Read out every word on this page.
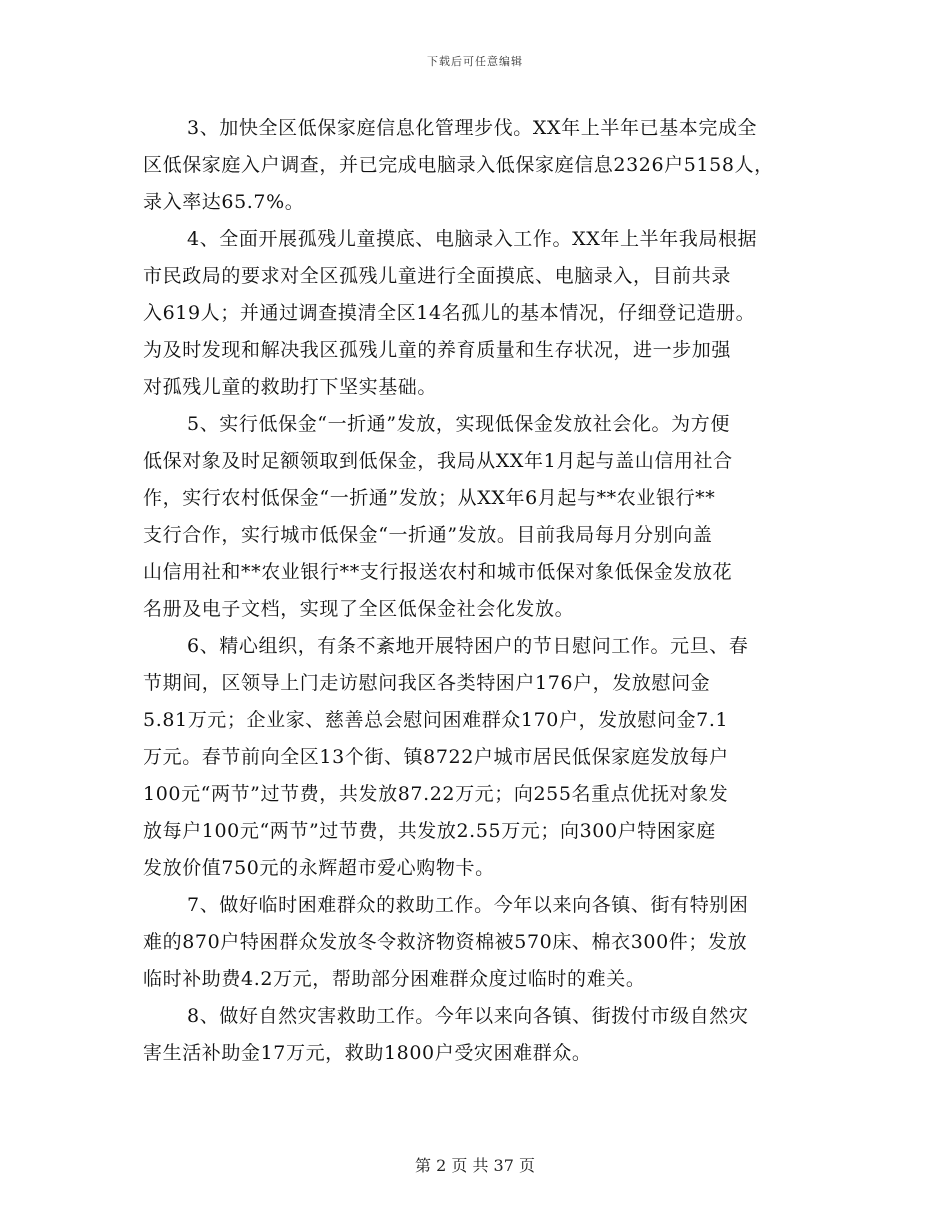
下载后可任意编辑
3、加快全区低保家庭信息化管理步伐。XX年上半年已基本完成全
区低保家庭入户调查，并已完成电脑录入低保家庭信息2326户5158人，
录入率达65.7%。
4、全面开展孤残儿童摸底、电脑录入工作。XX年上半年我局根据
市民政局的要求对全区孤残儿童进行全面摸底、电脑录入，目前共录
入619人；并通过调查摸清全区14名孤儿的基本情况，仔细登记造册。
为及时发现和解决我区孤残儿童的养育质量和生存状况，进一步加强
对孤残儿童的救助打下坚实基础。
5、实行低保金“一折通”发放，实现低保金发放社会化。为方便
低保对象及时足额领取到低保金，我局从XX年1月起与盖山信用社合
作，实行农村低保金“一折通”发放；从XX年6月起与**农业银行**
支行合作，实行城市低保金“一折通”发放。目前我局每月分别向盖
山信用社和**农业银行**支行报送农村和城市低保对象低保金发放花
名册及电子文档，实现了全区低保金社会化发放。
6、精心组织，有条不紊地开展特困户的节日慰问工作。元旦、春
节期间，区领导上门走访慰问我区各类特困户176户，发放慰问金
5.81万元；企业家、慈善总会慰问困难群众170户，发放慰问金7.1
万元。春节前向全区13个街、镇8722户城市居民低保家庭发放每户
100元“两节”过节费，共发放87.22万元；向255名重点优抚对象发
放每户100元“两节”过节费，共发放2.55万元；向300户特困家庭
发放价值750元的永辉超市爱心购物卡。
7、做好临时困难群众的救助工作。今年以来向各镇、街有特别困
难的870户特困群众发放冬令救济物资棉被570床、棉衣300件；发放
临时补助费4.2万元，帮助部分困难群众度过临时的难关。
8、做好自然灾害救助工作。今年以来向各镇、街拨付市级自然灾
害生活补助金17万元，救助1800户受灾困难群众。
第 2 页 共 37 页
